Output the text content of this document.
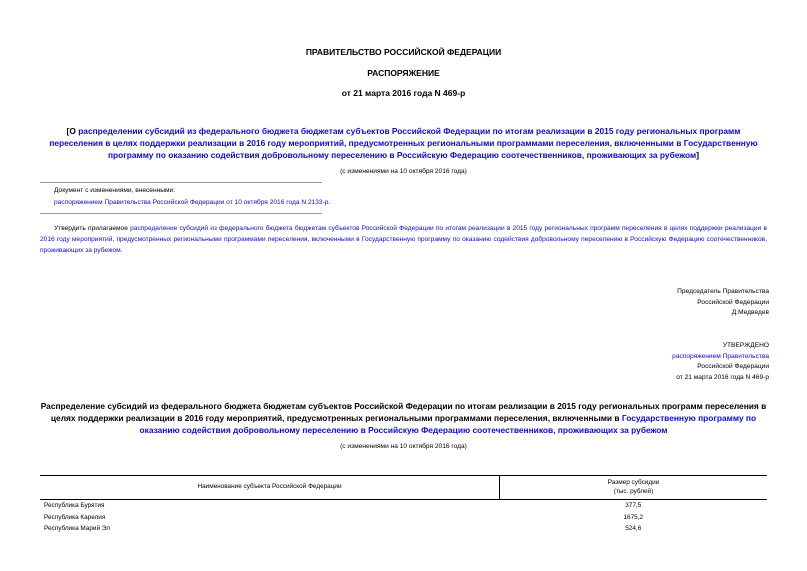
ПРАВИТЕЛЬСТВО РОССИЙСКОЙ ФЕДЕРАЦИИ
РАСПОРЯЖЕНИЕ
от 21 марта 2016 года N 469-р
[О распределении субсидий из федерального бюджета бюджетам субъектов Российской Федерации по итогам реализации в 2015 году региональных программ переселения в целях поддержки реализации в 2016 году мероприятий, предусмотренных региональными программами переселения, включенными в Государственную программу по оказанию содействия добровольному переселению в Российскую Федерацию соотечественников, проживающих за рубежом]
(с изменениями на 10 октября 2016 года)
Документ с изменениями, внесенными:
распоряжением Правительства Российской Федерации от 10 октября 2016 года N 2133-р.
Утвердить прилагаемое распределение субсидий из федерального бюджета бюджетам субъектов Российской Федерации по итогам реализации в 2015 году региональных программ переселения в целях поддержки реализации в 2016 году мероприятий, предусмотренных региональными программами переселения, включенными в Государственную программу по оказанию содействия добровольному переселению в Российскую Федерацию соотечественников, проживающих за рубежом.
Председатель Правительства
Российской Федерации
Д.Медведев
УТВЕРЖДЕНО
распоряжением Правительства
Российской Федерации
от 21 марта 2016 года N 469-р
Распределение субсидий из федерального бюджета бюджетам субъектов Российской Федерации по итогам реализации в 2015 году региональных программ переселения в целях поддержки реализации в 2016 году мероприятий, предусмотренных региональными программами переселения, включенными в Государственную программу по оказанию содействия добровольному переселению в Российскую Федерацию соотечественников, проживающих за рубежом
(с изменениями на 10 октября 2016 года)
Наименование субъекта Российской Федерации	Размер субсидии
(тыс. рублей)

Республика Бурятия	377,5
Республика Карелия	1675,2
Республика Марий Эл	524,6
